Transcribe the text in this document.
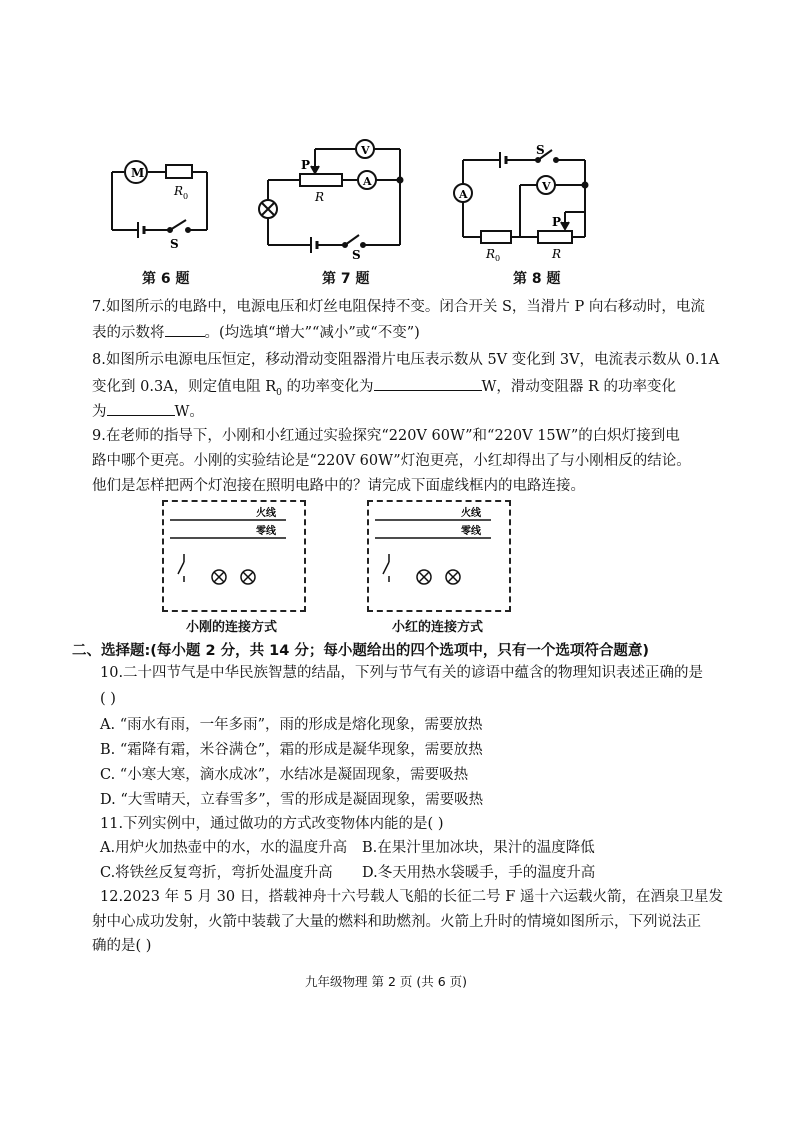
M
R 0
S
第 6 题
V
A
P
R
S
第 7 题
S
A
V
P
R 0	R
第 8 题
7.如图所示的电路中，电源电压和灯丝电阻保持不变。闭合开关 S，当滑片 P 向右移动时，电流
表的示数将	。(均选填“增大”“减小”或“不变”)
8.如图所示电源电压恒定，移动滑动变阻器滑片电压表示数从 5V 变化到 3V，电流表示数从 0.1A
变化到 0.3A，则定值电阻 $R_0$ 的功率变化为	W，滑动变阻器 R 的功率变化
为	W。
9.在老师的指导下，小刚和小红通过实验探究“220V 60W”和“220V 15W”的白炽灯接到电
路中哪个更亮。小刚的实验结论是“220V 60W”灯泡更亮，小红却得出了与小刚相反的结论。
他们是怎样把两个灯泡接在照明电路中的？请完成下面虚线框内的电路连接。
火线
零线
小刚的连接方式
火线
零线
小红的连接方式
二、选择题:(每小题 2 分，共 14 分；每小题给出的四个选项中，只有一个选项符合题意)
10.二十四节气是中华民族智慧的结晶，下列与节气有关的谚语中蕴含的物理知识表述正确的是
( )
A. “雨水有雨，一年多雨”，雨的形成是熔化现象，需要放热
B. “霜降有霜，米谷满仓”，霜的形成是凝华现象，需要放热
C. “小寒大寒，滴水成冰”，水结冰是凝固现象，需要吸热
D. “大雪晴天，立春雪多”，雪的形成是凝固现象，需要吸热
11.下列实例中，通过做功的方式改变物体内能的是( )
A.用炉火加热壶中的水，水的温度升高 B.在果汁里加冰块，果汁的温度降低
C.将铁丝反复弯折，弯折处温度升高 D.冬天用热水袋暖手，手的温度升高
12.2023 年 5 月 30 日，搭载神舟十六号载人飞船的长征二号 F 遥十六运载火箭，在酒泉卫星发
射中心成功发射，火箭中装载了大量的燃料和助燃剂。火箭上升时的情境如图所示，下列说法正
确的是( )
九年级物理 第 2 页 (共 6 页)
